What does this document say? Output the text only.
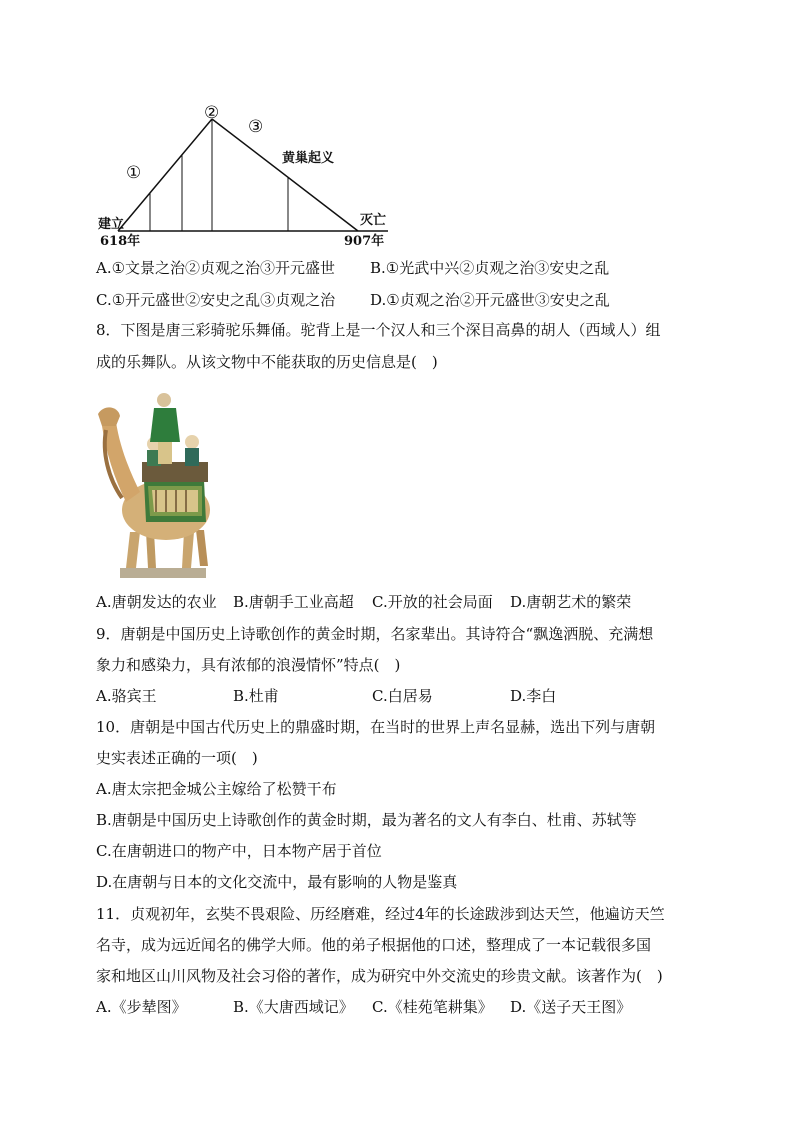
①
②
③
黄巢起义
建立
618年
灭亡
907年
A.①文景之治②贞观之治③开元盛世 B.①光武中兴②贞观之治③安史之乱
C.①开元盛世②安史之乱③贞观之治 D.①贞观之治②开元盛世③安史之乱
8．下图是唐三彩骑驼乐舞俑。驼背上是一个汉人和三个深目高鼻的胡人（西域人）组
成的乐舞队。从该文物中不能获取的历史信息是(　)
A.唐朝发达的农业 B.唐朝手工业高超 C.开放的社会局面 D.唐朝艺术的繁荣
9．唐朝是中国历史上诗歌创作的黄金时期，名家辈出。其诗符合“飘逸洒脱、充满想
象力和感染力，具有浓郁的浪漫情怀”特点(　)
A.骆宾王	B.杜甫	C.白居易	D.李白
10．唐朝是中国古代历史上的鼎盛时期，在当时的世界上声名显赫，选出下列与唐朝
史实表述正确的一项(　)
A.唐太宗把金城公主嫁给了松赞干布
B.唐朝是中国历史上诗歌创作的黄金时期，最为著名的文人有李白、杜甫、苏轼等
C.在唐朝进口的物产中，日本物产居于首位
D.在唐朝与日本的文化交流中，最有影响的人物是鉴真
11．贞观初年，玄奘不畏艰险、历经磨难，经过4年的长途跋涉到达天竺，他遍访天竺
名寺，成为远近闻名的佛学大师。他的弟子根据他的口述，整理成了一本记载很多国
家和地区山川风物及社会习俗的著作，成为研究中外交流史的珍贵文献。该著作为(　)
A.《步辇图》	B.《大唐西域记》 C.《桂苑笔耕集》 D.《送子天王图》
